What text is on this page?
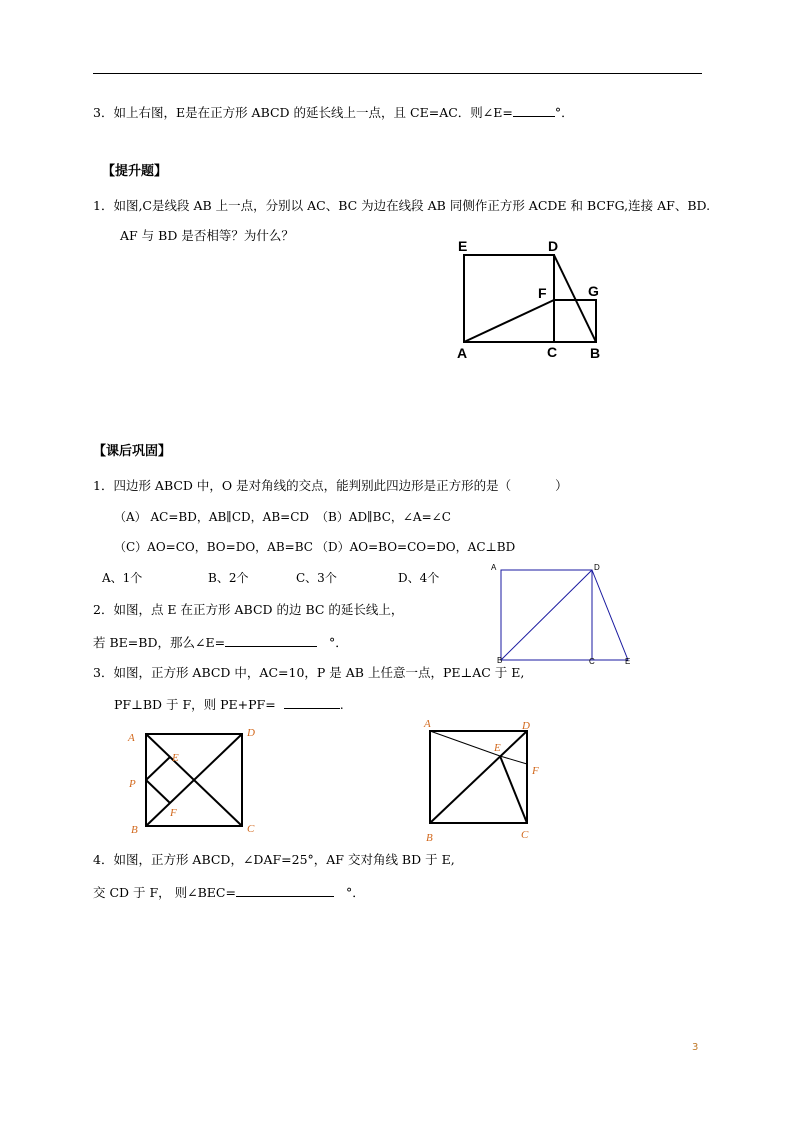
3．如上右图，E是在正方形 ABCD 的延长线上一点，且 CE=AC．则∠E=	°．
【提升题】
1．如图,C是线段 AB 上一点，分别以 AC、BC 为边在线段 AB 同侧作正方形 ACDE 和 BCFG,连接 AF、BD.
AF 与 BD 是否相等？为什么？
E	D
F	G
A	C B
【课后巩固】
1．四边形 ABCD 中，O 是对角线的交点，能判别此四边形是正方形的是（	）
（A） AC=BD，AB∥CD，AB=CD （B）AD∥BC，∠A=∠C
（C）AO=CO，BO=DO，AB=BC （D）AO=BO=CO=DO，AC⊥BD
A、1个	B、2个	C、3个	D、4个
A	D
B	C	E
2．如图，点 E 在正方形 ABCD 的边 BC 的延长线上，
若 BE=BD，那么∠E=	°．
3．如图，正方形 ABCD 中，AC=10，P 是 AB 上任意一点，PE⊥AC 于 E,
PF⊥BD 于 F，则 PE+PF=	.
A	D
E
P
F
B	C
A	D
E
F
B	C
4．如图，正方形 ABCD，∠DAF=25°，AF 交对角线 BD 于 E,
交 CD 于 F， 则∠BEC=	°．
3
